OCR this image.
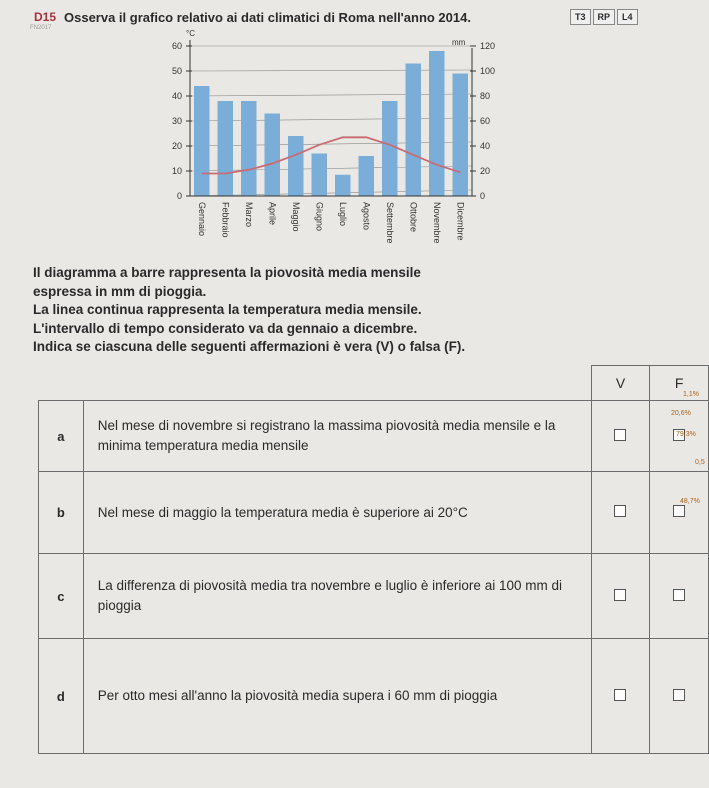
D15 Osserva il grafico relativo ai dati climatici di Roma nell'anno 2014.
FN2017
T3	RP	L4
0
10
20
30
40
50
60
0
20
40
60
80
100
120
°C
mm
Gennaio Febbraio Marzo Aprile Maggio Giugno Luglio Agosto Settembre Ottobre Novembre Dicembre
Il diagramma a barre rappresenta la piovosità media mensile
espressa in mm di pioggia.
La linea continua rappresenta la temperatura media mensile.
L'intervallo di tempo considerato va da gennaio a dicembre.
Indica se ciascuna delle seguenti affermazioni è vera (V) o falsa (F).
		V	F
a	Nel mese di novembre si registrano la massima piovosità media mensile e la minima temperatura media mensile		
b	Nel mese di maggio la temperatura media è superiore ai 20°C		
c	La differenza di piovosità media tra novembre e luglio è inferiore ai 100 mm di pioggia		
d	Per otto mesi all'anno la piovosità media supera i 60 mm di pioggia		
1,1%
20,6%
79,3%
0,5
48,7%
